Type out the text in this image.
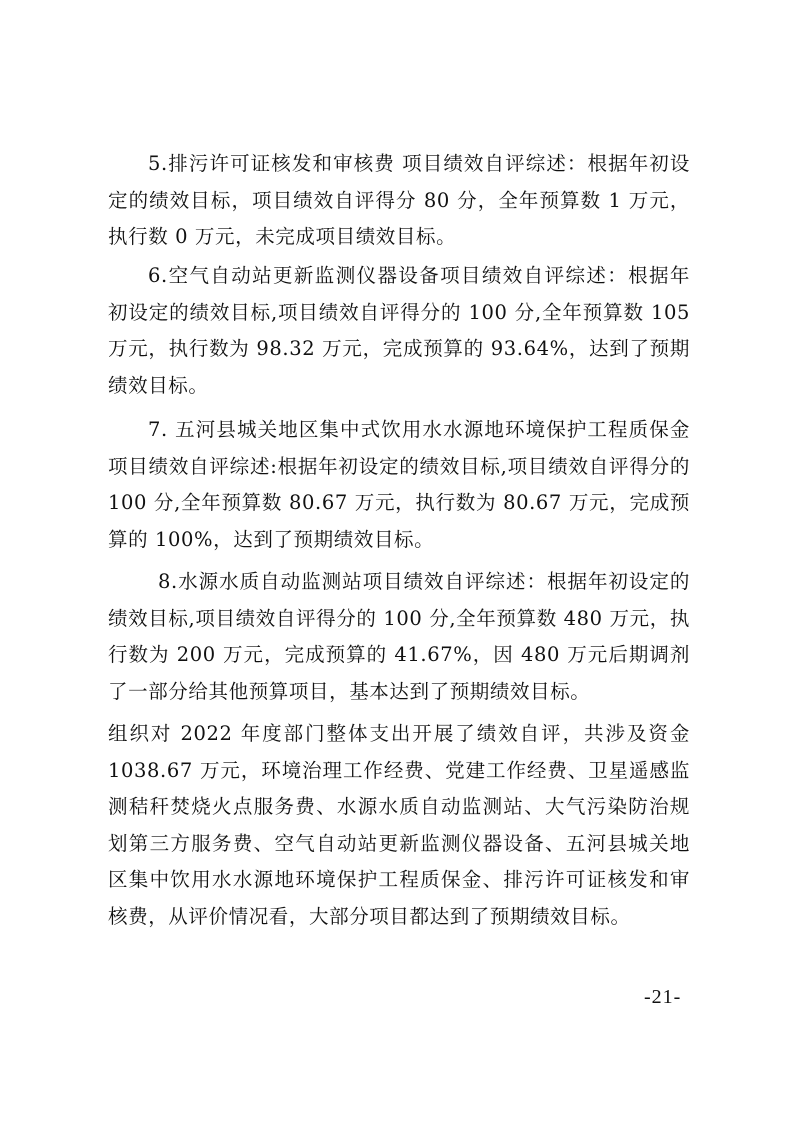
5.排污许可证核发和审核费 项目绩效自评综述：根据年初设定的绩效目标，项目绩效自评得分 80 分，全年预算数 1 万元，执行数 0 万元，未完成项目绩效目标。

6.空气自动站更新监测仪器设备项目绩效自评综述：根据年初设定的绩效目标,项目绩效自评得分的 100 分,全年预算数 105 万元，执行数为 98.32 万元，完成预算的 93.64%，达到了预期绩效目标。

7. 五河县城关地区集中式饮用水水源地环境保护工程质保金项目绩效自评综述:根据年初设定的绩效目标,项目绩效自评得分的 100 分,全年预算数 80.67 万元，执行数为 80.67 万元，完成预算的 100%，达到了预期绩效目标。

8.水源水质自动监测站项目绩效自评综述：根据年初设定的绩效目标,项目绩效自评得分的 100 分,全年预算数 480 万元，执行数为 200 万元，完成预算的 41.67%，因 480 万元后期调剂了一部分给其他预算项目，基本达到了预期绩效目标。

组织对 2022 年度部门整体支出开展了绩效自评，共涉及资金 1038.67 万元，环境治理工作经费、党建工作经费、卫星遥感监测秸秆焚烧火点服务费、水源水质自动监测站、大气污染防治规划第三方服务费、空气自动站更新监测仪器设备、五河县城关地区集中饮用水水源地环境保护工程质保金、排污许可证核发和审核费，从评价情况看，大部分项目都达到了预期绩效目标。

-21-
